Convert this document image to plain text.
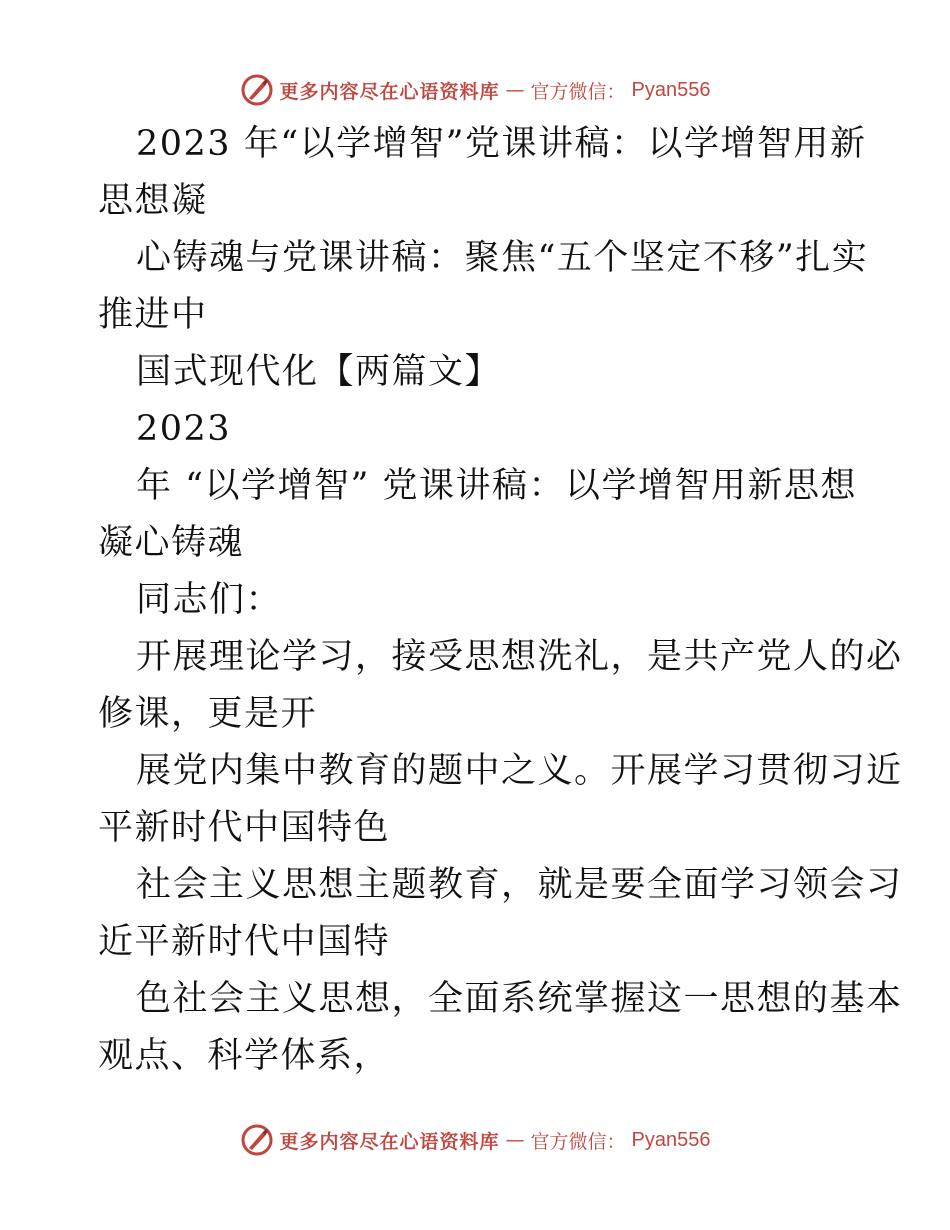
更多内容尽在心语资料库 — 官方微信： Pyan556
2023 年“以学增智”党课讲稿：以学增智用新
思想凝
心铸魂与党课讲稿：聚焦“五个坚定不移”扎实
推进中
国式现代化【两篇文】
2023
年 “以学增智” 党课讲稿：以学增智用新思想
凝心铸魂
同志们：
开展理论学习，接受思想洗礼，是共产党人的必
修课，更是开
展党内集中教育的题中之义。开展学习贯彻习近
平新时代中国特色
社会主义思想主题教育，就是要全面学习领会习
近平新时代中国特
色社会主义思想，全面系统掌握这一思想的基本
观点、科学体系，
更多内容尽在心语资料库 — 官方微信： Pyan556
